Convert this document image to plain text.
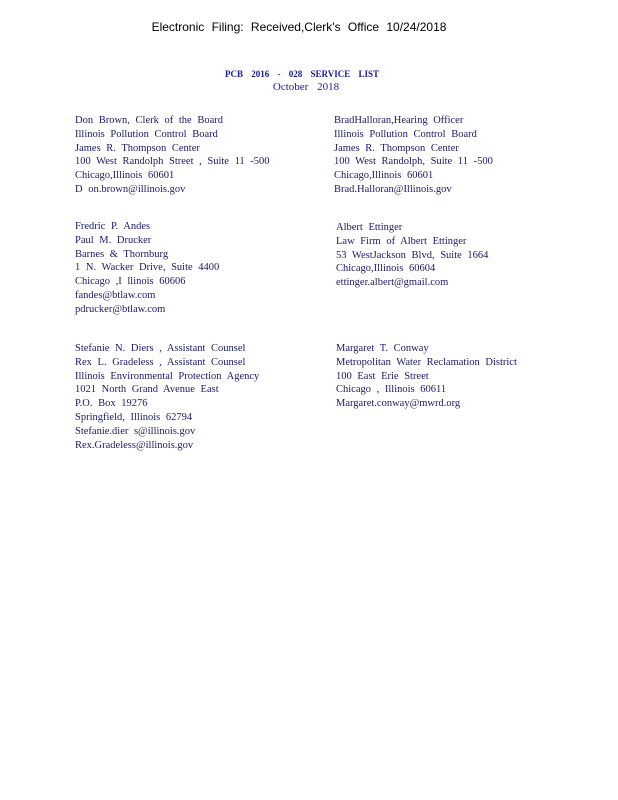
Electronic Filing: Received,Clerk's Office 10/24/2018
PCB 2016 - 028 SERVICE LIST
October 2018
Don Brown, Clerk of the Board
Illinois Pollution Control Board
James R. Thompson Center
100 West Randolph Street , Suite 11 -500
Chicago,Illinois 60601
D on.brown@illinois.gov
BradHalloran,Hearing Officer
Illinois Pollution Control Board
James R. Thompson Center
100 West Randolph, Suite 11 -500
Chicago,Illinois 60601
Brad.Halloran@Illinois.gov
Fredric P. Andes
Paul M. Drucker
Barnes & Thornburg
1 N. Wacker Drive, Suite 4400
Chicago ,I llinois 60606
fandes@btlaw.com
pdrucker@btlaw.com
Albert Ettinger
Law Firm of Albert Ettinger
53 WestJackson Blvd, Suite 1664
Chicago,Illinois 60604
ettinger.albert@gmail.com
Stefanie N. Diers , Assistant Counsel
Rex L. Gradeless , Assistant Counsel
Illinois Environmental Protection Agency
1021 North Grand Avenue East
P.O. Box 19276
Springfield, Illinois 62794
Stefanie.dier s@illinois.gov
Rex.Gradeless@illinois.gov
Margaret T. Conway
Metropolitan Water Reclamation District
100 East Erie Street
Chicago , Illinois 60611
Margaret.conway@mwrd.org
